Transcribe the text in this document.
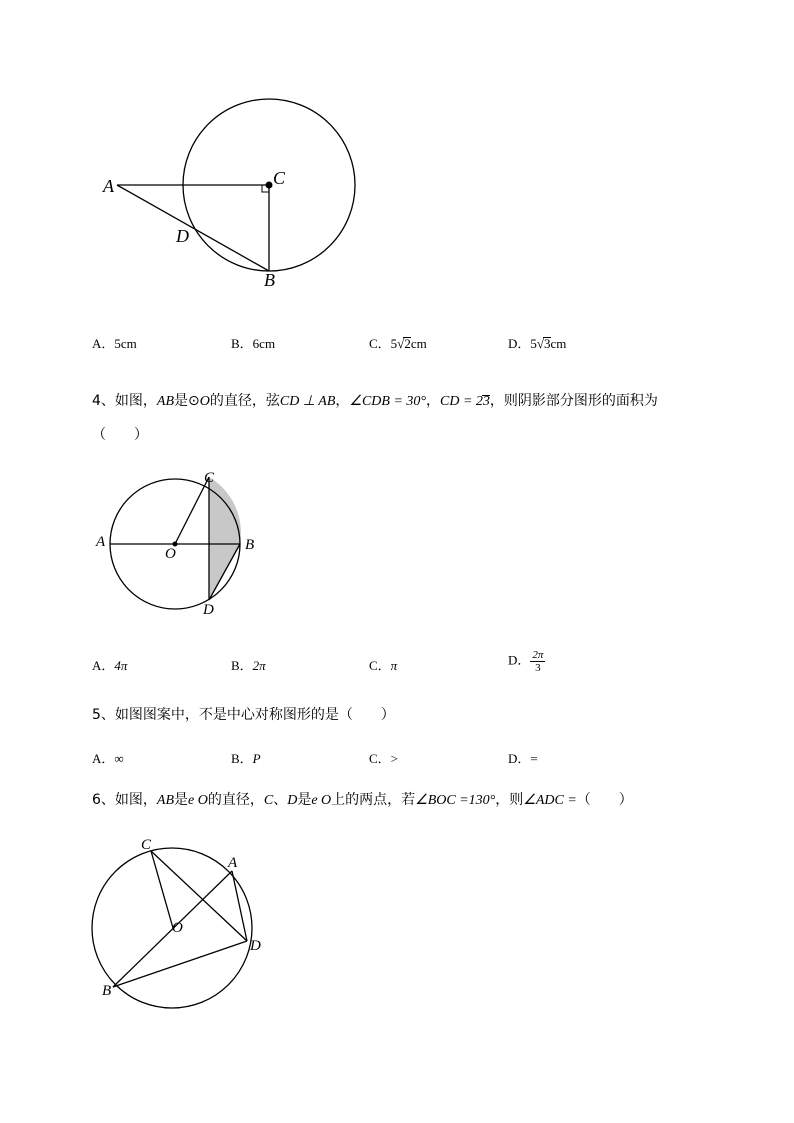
A	C
D
B
A．5cm	B．6cm	C．5√2cm	D．5√3cm
4、如图，AB是⊙O的直径，弦CD ⊥ AB，∠CDB = 30°，CD = 23，则阴影部分图形的面积为
（　　）
C
A
O
B
D
A．4π	B．2π	C．π	D． $\frac{2\pi}{3}$
5、如图图案中，不是中心对称图形的是（　　）
A．∞	B．P	C．>	D．=
6、如图，AB是e O的直径，C、D是e O上的两点，若∠BOC =130°，则∠ADC =（　　）
C
A
O
D
B
